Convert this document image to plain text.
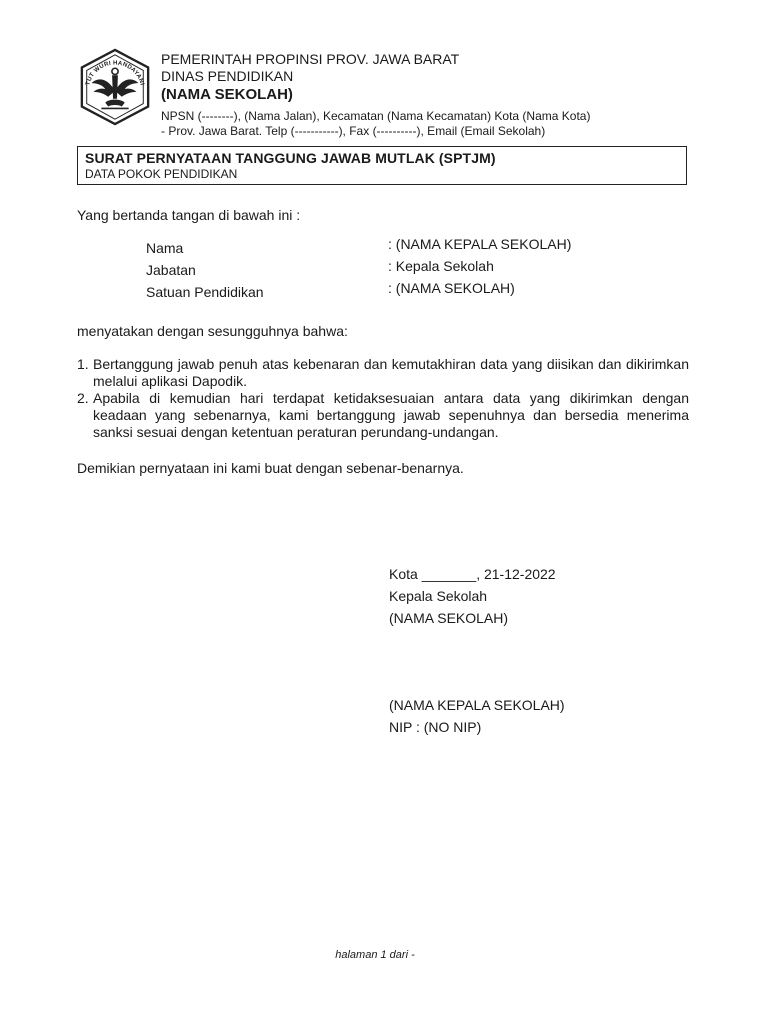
TUT WURI HANDAYANI
PEMERINTAH PROPINSI PROV. JAWA BARAT
DINAS PENDIDIKAN
(NAMA SEKOLAH)
NPSN (--------), (Nama Jalan), Kecamatan (Nama Kecamatan) Kota (Nama Kota) - Prov. Jawa Barat. Telp (-----------), Fax (----------), Email (Email Sekolah)
SURAT PERNYATAAN TANGGUNG JAWAB MUTLAK (SPTJM)
DATA POKOK PENDIDIKAN
Yang bertanda tangan di bawah ini :
Nama	: (NAMA KEPALA SEKOLAH)
Jabatan	: Kepala Sekolah
Satuan Pendidikan	: (NAMA SEKOLAH)
menyatakan dengan sesungguhnya bahwa:
1. Bertanggung jawab penuh atas kebenaran dan kemutakhiran data yang diisikan dan dikirimkan melalui aplikasi Dapodik.
2. Apabila di kemudian hari terdapat ketidaksesuaian antara data yang dikirimkan dengan keadaan yang sebenarnya, kami bertanggung jawab sepenuhnya dan bersedia menerima sanksi sesuai dengan ketentuan peraturan perundang-undangan.
Demikian pernyataan ini kami buat dengan sebenar-benarnya.
Kota _______, 21-12-2022
Kepala Sekolah
(NAMA SEKOLAH)
(NAMA KEPALA SEKOLAH)
NIP : (NO NIP)
halaman 1 dari -
